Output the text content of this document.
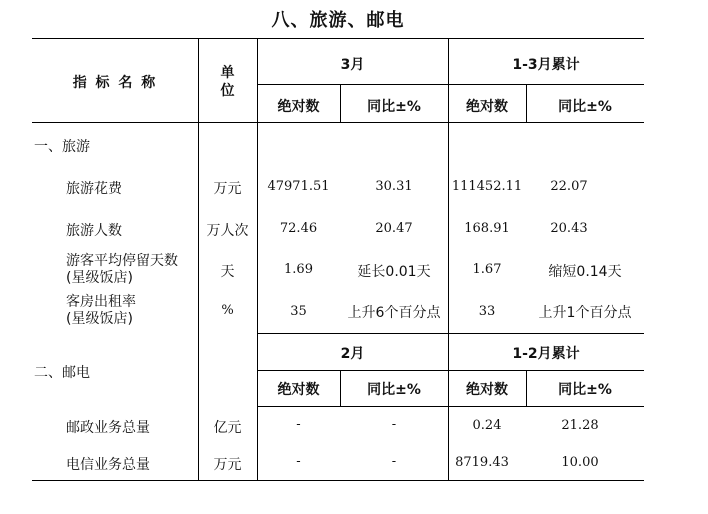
八、旅游、邮电
指 标 名 称
单
位
3月	1-3月累计
绝对数	同比±%	绝对数	同比±%
一、旅游
旅游花费	万元	47971.51	30.31	111452.11	22.07
旅游人数	万人次	72.46	20.47	168.91	20.43
游客平均停留天数
(星级饭店)	天	1.69	延长0.01天	1.67	缩短0.14天
客房出租率
(星级饭店)
%	35	上升6个百分点	33	上升1个百分点
2月	1-2月累计
绝对数	同比±%	绝对数	同比±%
二、邮电
邮政业务总量	亿元	-	-	0.24	21.28
电信业务总量	万元	-	-	8719.43	10.00
